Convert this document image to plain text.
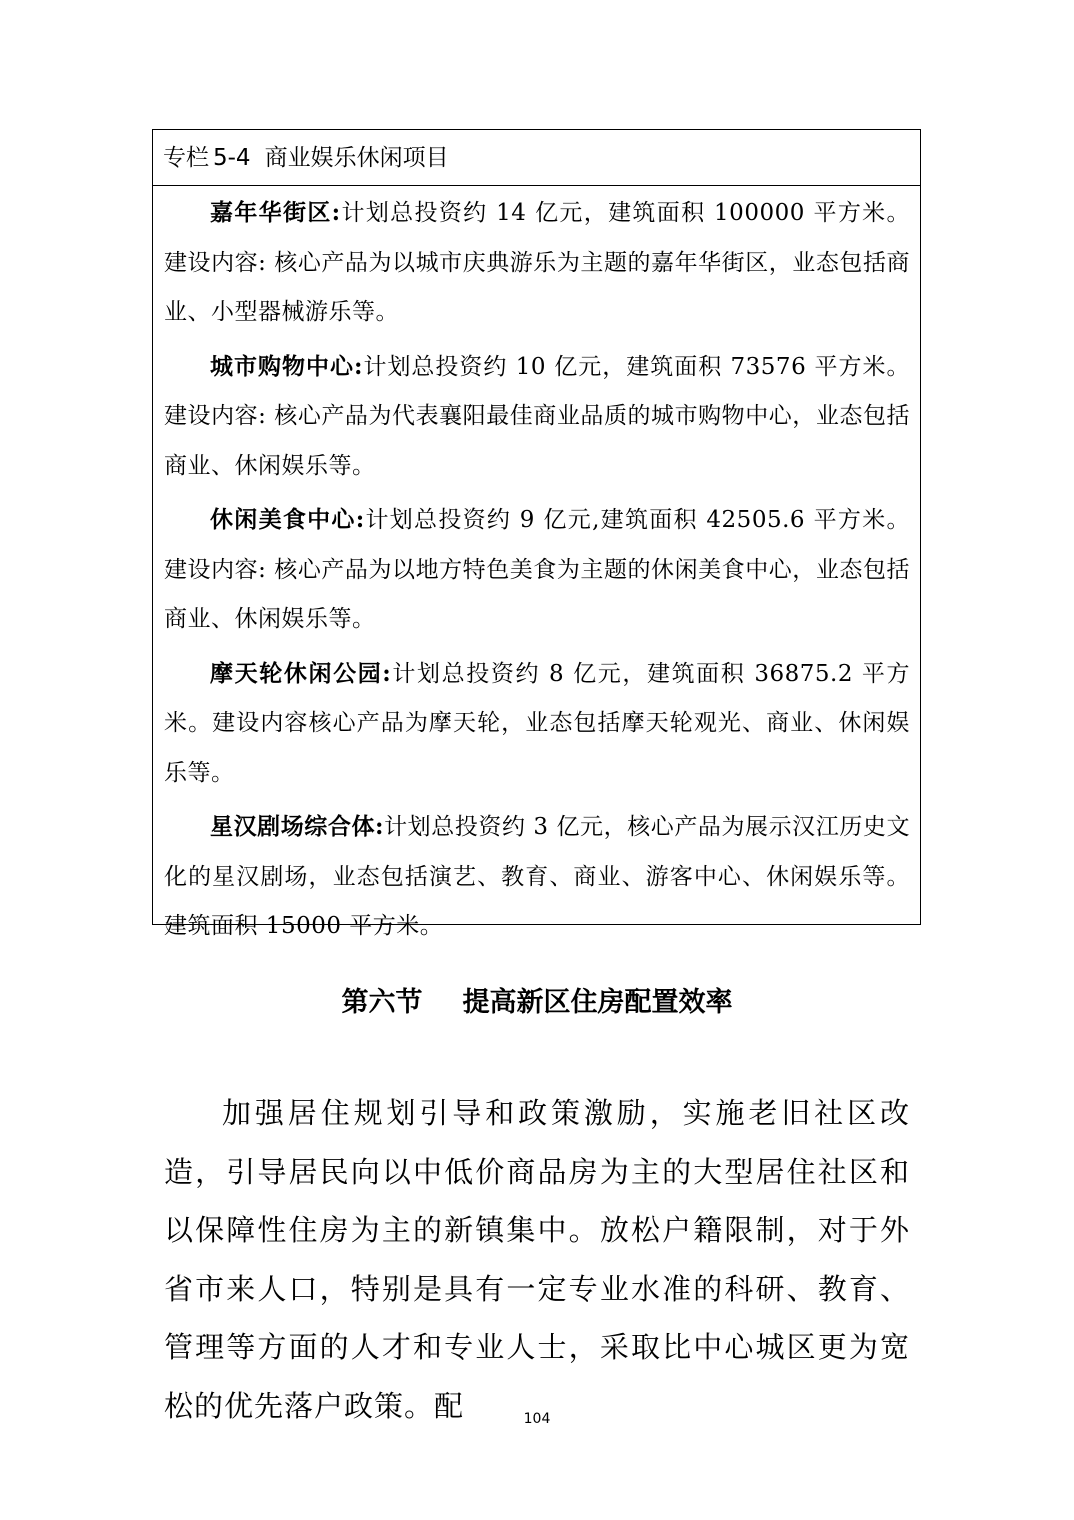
专栏 5-4 商业娱乐休闲项目

嘉年华街区:计划总投资约 14 亿元，建筑面积 100000 平方米。建设内容: 核心产品为以城市庆典游乐为主题的嘉年华街区，业态包括商业、小型器械游乐等。

城市购物中心:计划总投资约 10 亿元，建筑面积 73576 平方米。建设内容: 核心产品为代表襄阳最佳商业品质的城市购物中心，业态包括商业、休闲娱乐等。

休闲美食中心:计划总投资约 9 亿元,建筑面积 42505.6 平方米。建设内容: 核心产品为以地方特色美食为主题的休闲美食中心，业态包括商业、休闲娱乐等。

摩天轮休闲公园:计划总投资约 8 亿元，建筑面积 36875.2 平方米。建设内容核心产品为摩天轮，业态包括摩天轮观光、商业、休闲娱乐等。

星汉剧场综合体:计划总投资约 3 亿元，核心产品为展示汉江历史文化的星汉剧场，业态包括演艺、教育、商业、游客中心、休闲娱乐等。建筑面积 15000 平方米。

第六节 提高新区住房配置效率

加强居住规划引导和政策激励，实施老旧社区改造，引导居民向以中低价商品房为主的大型居住社区和以保障性住房为主的新镇集中。放松户籍限制，对于外省市来人口，特别是具有一定专业水准的科研、教育、管理等方面的人才和专业人士，采取比中心城区更为宽松的优先落户政策。配	104
